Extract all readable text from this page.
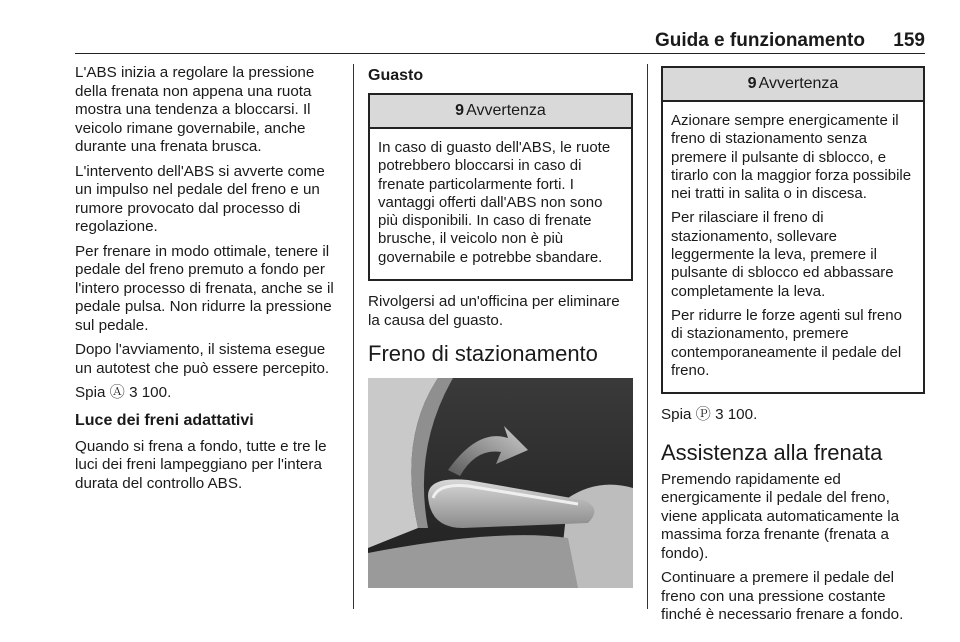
Guida e funzionamento 159

L'ABS inizia a regolare la pressione della frenata non appena una ruota mostra una tendenza a bloccarsi. Il veicolo rimane governabile, anche durante una frenata brusca.

L'intervento dell'ABS si avverte come un impulso nel pedale del freno e un rumore provocato dal processo di regolazione.

Per frenare in modo ottimale, tenere il pedale del freno premuto a fondo per l'intero processo di frenata, anche se il pedale pulsa. Non ridurre la pressione sul pedale.

Dopo l'avviamento, il sistema esegue un autotest che può essere percepito.

Spia Ⓐ 3 100.

Luce dei freni adattativi

Quando si frena a fondo, tutte e tre le luci dei freni lampeggiano per l'intera durata del controllo ABS.

Guasto
9 Avvertenza

In caso di guasto dell'ABS, le ruote potrebbero bloccarsi in caso di frenate particolarmente forti. I vantaggi offerti dall'ABS non sono più disponibili. In caso di frenate brusche, il veicolo non è più governabile e potrebbe sbandare.

Rivolgersi ad un'officina per eliminare la causa del guasto.

Freno di stazionamento
9 Avvertenza

Azionare sempre energicamente il freno di stazionamento senza premere il pulsante di sblocco, e tirarlo con la maggior forza possibile nei tratti in salita o in discesa.

Per rilasciare il freno di stazionamento, sollevare leggermente la leva, premere il pulsante di sblocco ed abbassare completamente la leva.

Per ridurre le forze agenti sul freno di stazionamento, premere contemporaneamente il pedale del freno.

Spia Ⓟ 3 100.

Assistenza alla frenata

Premendo rapidamente ed energicamente il pedale del freno, viene applicata automaticamente la massima forza frenante (frenata a fondo).

Continuare a premere il pedale del freno con una pressione costante finché è necessario frenare a fondo.
